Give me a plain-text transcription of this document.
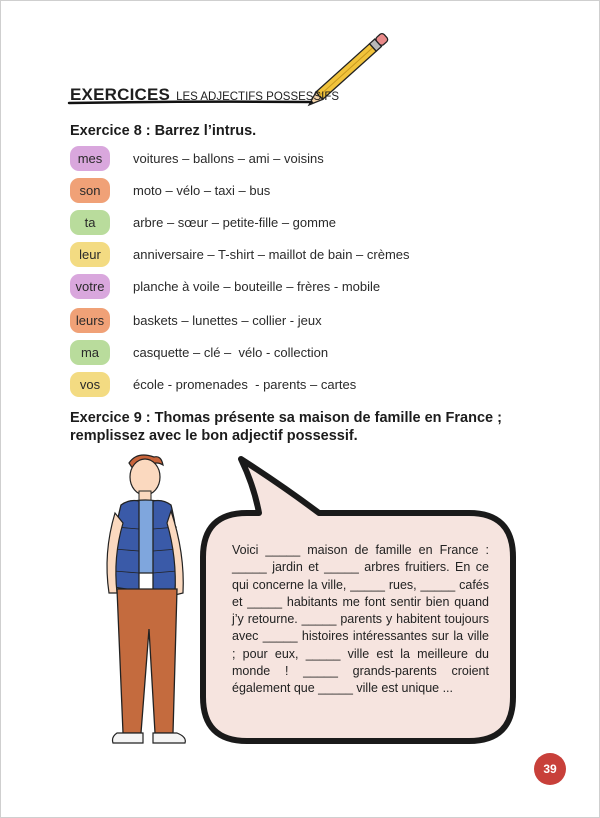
EXERCICES LES ADJECTIFS POSSESSIFS
Exercice 8 : Barrez l’intrus.
mes	voitures – ballons – ami – voisins
son	moto – vélo – taxi – bus
ta	arbre – sœur – petite-fille – gomme
leur	anniversaire – T-shirt – maillot de bain – crèmes
votre	planche à voile – bouteille – frères - mobile
leurs	baskets – lunettes – collier - jeux
ma	casquette – clé –  vélo - collection
vos	école - promenades  - parents – cartes
Exercice 9 : Thomas présente sa maison de famille en France ; remplissez avec le bon adjectif possessif.

Voici _____ maison de famille en France : _____ jardin et _____ arbres fruitiers. En ce qui concerne la ville, _____ rues, _____ cafés et _____ habitants me font sentir bien quand j’y retourne. _____ parents y habitent toujours avec _____ histoires intéressantes sur la ville ; pour eux, _____ ville est la meilleure du monde ! _____ grands-parents croient également que _____ ville est unique ...

39
